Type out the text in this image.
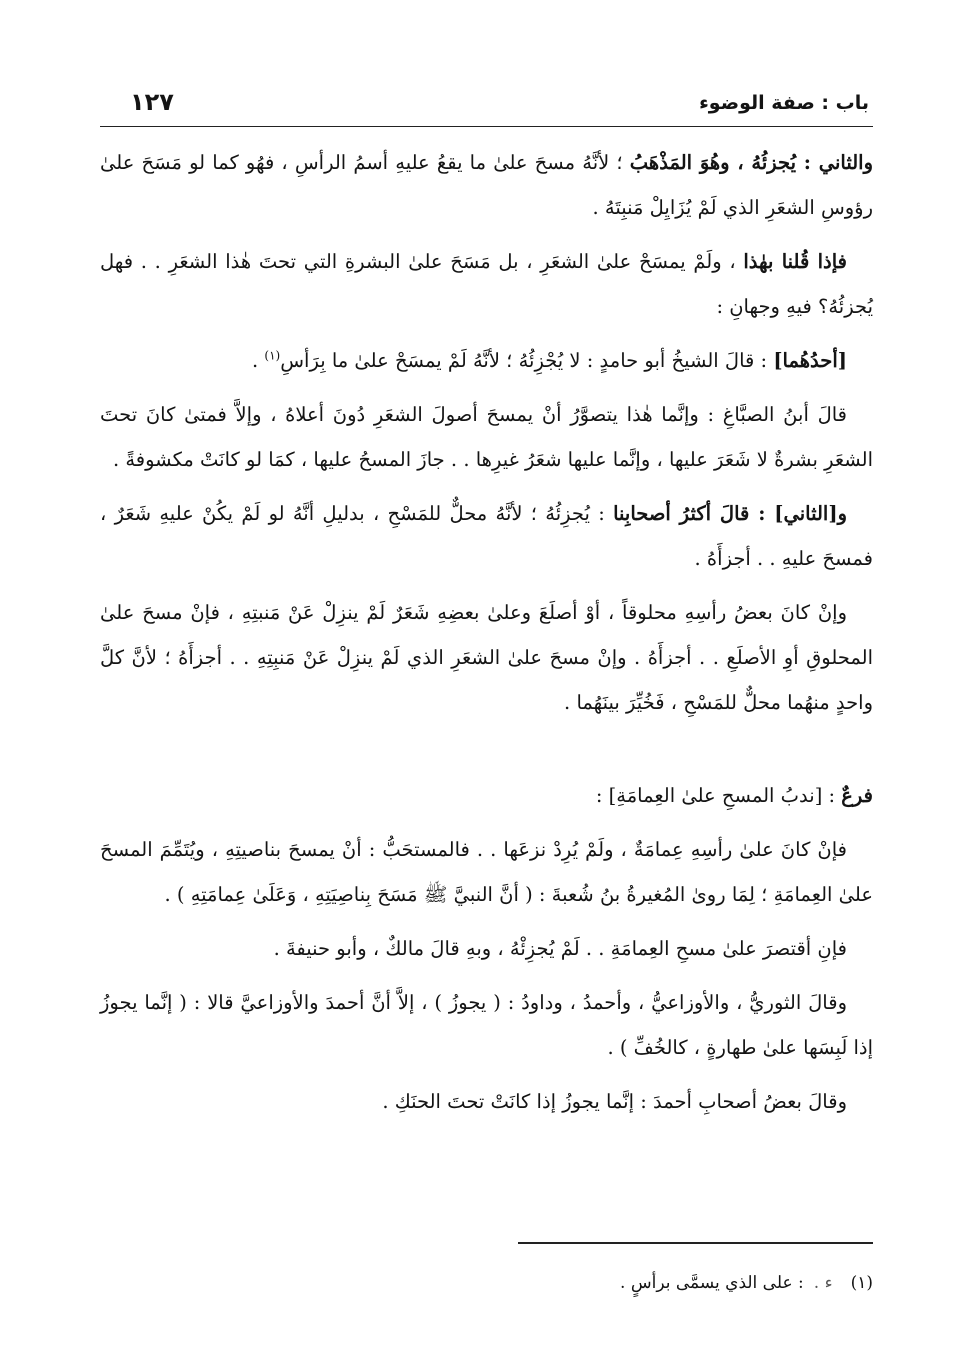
باب : صفة الوضوء
١٢٧

والثاني : يُجزئُهُ ، وهُوَ المَذْهَبُ ؛ لأنَّهُ مسحَ علىٰ ما يقعُ عليهِ أسمُ الرأسِ ، فهُو كما لو مَسَحَ علىٰ رؤوسِ الشعَرِ الذي لَمْ يُزَايِلْ مَنبِتَهُ .

فإذا قُلنا بهٰذا ، ولَمْ يمسَحْ علىٰ الشعَرِ ، بل مَسَحَ علىٰ البشرةِ التي تحتَ هٰذا الشعَرِ . . فهل يُجزئُهُ؟ فيهِ وجهانِ :

[أحدُهُما] : قالَ الشيخُ أبو حامدٍ : لا يُجْزِئُهُ ؛ لأنَّهُ لَمْ يمسَحْ علىٰ ما بِرَأسِ$^{(١)}$ .

قالَ أبنُ الصبَّاغِ : وإنَّما هٰذا يتصوَّرُ أنْ يمسحَ أصولَ الشعَرِ دُونَ أعلاهُ ، وإلاَّ فمتىٰ كانَ تحتَ الشعَرِ بشرةٌ لا شَعَرَ عليها ، وإنَّما عليها شعَرُ غيرِها . . جازَ المسحُ عليها ، كمَا لو كانَتْ مكشوفةً .

و[الثاني] : قالَ أكثرُ أصحابِنا : يُجزِئُهُ ؛ لأنَّهُ محلٌّ للمَسْحِ ، بدليلِ أنَّهُ لو لَمْ يكُنْ عليهِ شَعَرٌ ، فمسحَ عليهِ . . أجزأَهُ .

وإنْ كانَ بعضُ رأسِهِ محلوقاً ، أوْ أصلَعَ وعلىٰ بعضِهِ شَعَرٌ لَمْ ينزِلْ عَنْ مَنبتِهِ ، فإنْ مسحَ علىٰ المحلوقِ أوِ الأصلَعِ . . أجزأَهُ . وإنْ مسحَ علىٰ الشعَرِ الذي لَمْ ينزِلْ عَنْ مَنبِتِهِ . . أجزأَهُ ؛ لأنَّ كلَّ واحدٍ منهُما محلٌّ للمَسْحِ ، فَخُيِّرَ بينَهُما .

فرعٌ : [ندبُ المسحِ علىٰ العِمامَةِ] :

فإنْ كانَ علىٰ رأسِهِ عِمامَةٌ ، ولَمْ يُرِدْ نزعَها . . فالمستحَبُّ : أنْ يمسحَ بناصيتِهِ ، ويُتَمِّمَ المسحَ علىٰ العِمامَةِ ؛ لِمَا روىٰ المُغيرةُ بنُ شُعبةَ : ( أنَّ النبيَّ ﷺ مَسَحَ بِناصِيَتِهِ ، وَعَلَىٰ عِمامَتِهِ ) .

فإنِ أقتصرَ علىٰ مسحِ العِمامَةِ . . لَمْ يُجزِئْهُ ، وبهِ قالَ مالكٌ ، وأبو حنيفةَ .

وقالَ الثوريُّ ، والأوزاعيُّ ، وأحمدُ ، وداودُ : ( يجوزُ ) ، إلاَّ أنَّ أحمدَ والأوزاعيَّ قالا : ( إنَّما يجوزُ إذا لَبِسَها علىٰ طهارةٍ ، كالخُفِّ ) .

وقالَ بعضُ أصحابِ أحمدَ : إنَّما يجوزُ إذا كانَتْ تحتَ الحنَكِ .

(١)ء .: على الذي يسمَّى برأسٍ .
